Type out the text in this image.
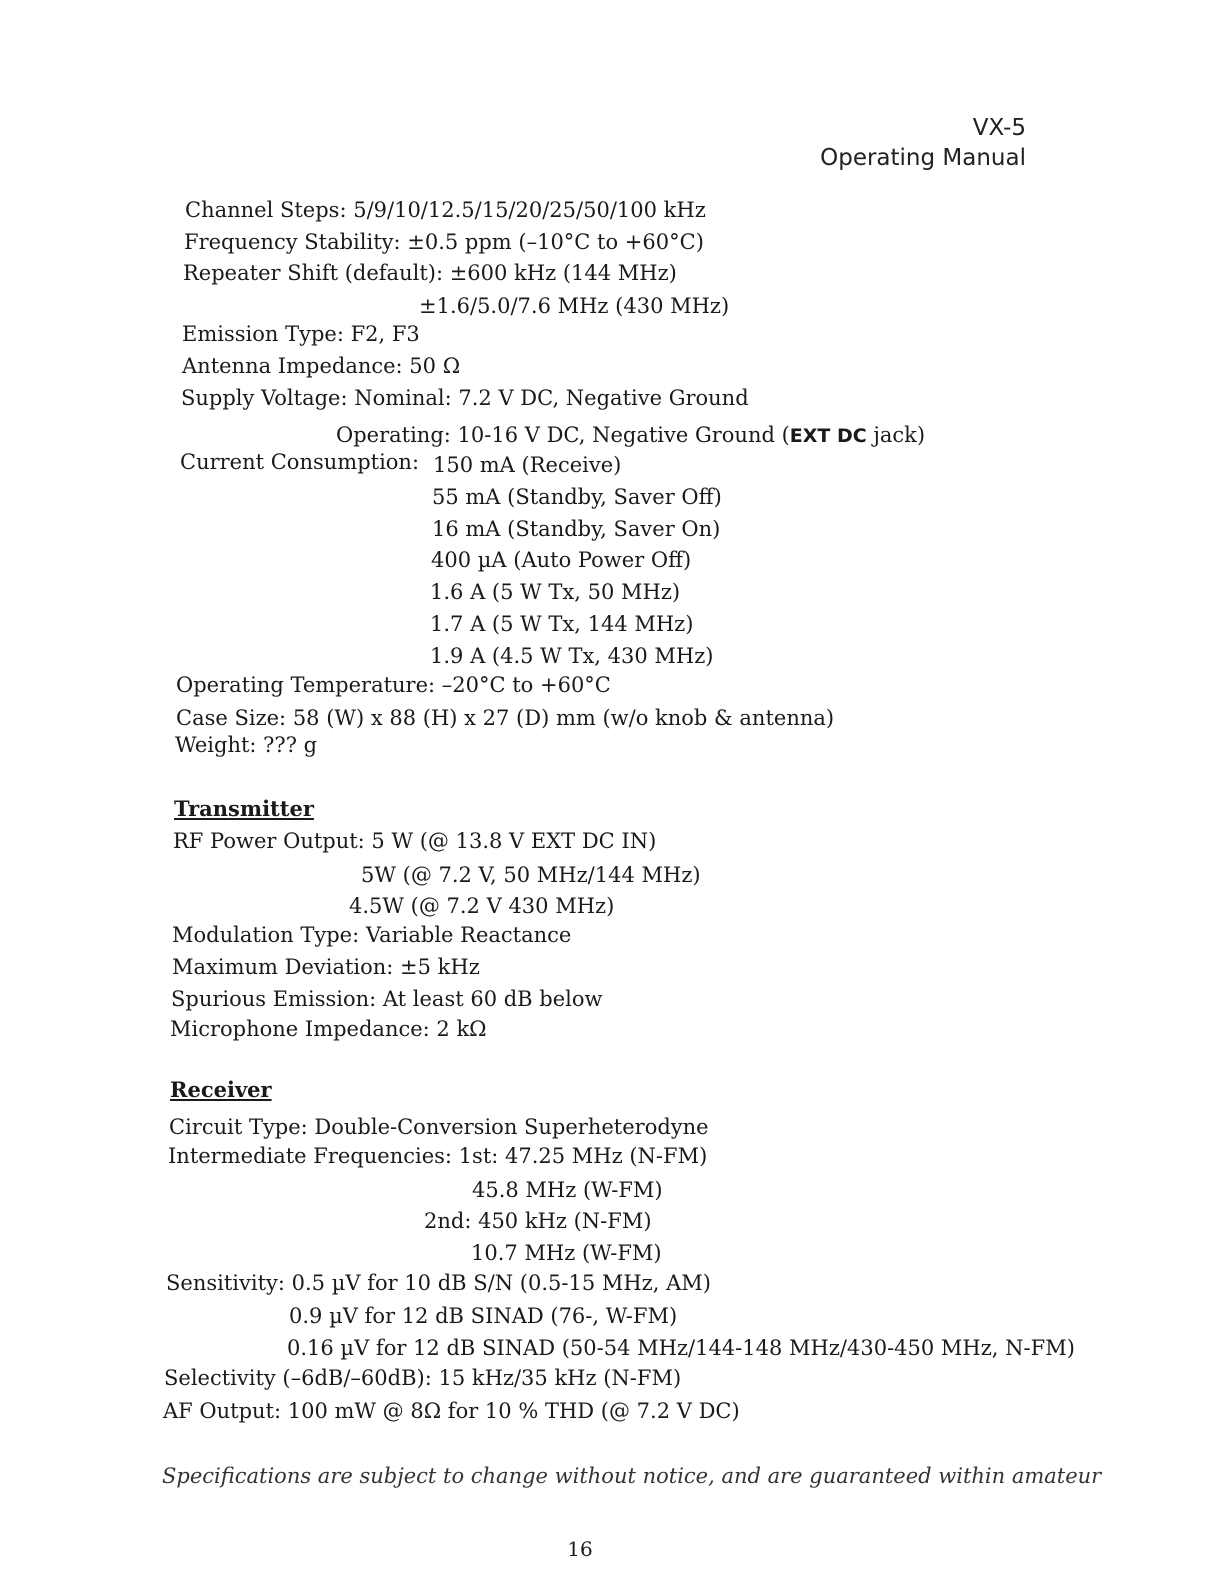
VX-5
Operating Manual
Channel Steps: 5/9/10/12.5/15/20/25/50/100 kHz
Frequency Stability: ±0.5 ppm (–10°C to +60°C)
Repeater Shift (default): ±600 kHz (144 MHz)
±1.6/5.0/7.6 MHz (430 MHz)
Emission Type: F2, F3
Antenna Impedance: 50 Ω
Supply Voltage: Nominal: 7.2 V DC, Negative Ground
Operating: 10-16 V DC, Negative Ground (EXT DC jack)
Current Consumption: 150 mA (Receive)
55 mA (Standby, Saver Off)
16 mA (Standby, Saver On)
400 µA (Auto Power Off)
1.6 A (5 W Tx, 50 MHz)
1.7 A (5 W Tx, 144 MHz)
1.9 A (4.5 W Tx, 430 MHz)
Operating Temperature: –20°C to +60°C
Case Size: 58 (W) x 88 (H) x 27 (D) mm (w/o knob & antenna)
Weight: ??? g
Transmitter
RF Power Output: 5 W (@ 13.8 V EXT DC IN)
5W (@ 7.2 V, 50 MHz/144 MHz)
4.5W (@ 7.2 V 430 MHz)
Modulation Type: Variable Reactance
Maximum Deviation: ±5 kHz
Spurious Emission: At least 60 dB below
Microphone Impedance: 2 kΩ
Receiver
Circuit Type: Double-Conversion Superheterodyne
Intermediate Frequencies: 1st: 47.25 MHz (N-FM)
45.8 MHz (W-FM)
2nd: 450 kHz (N-FM)
10.7 MHz (W-FM)
Sensitivity: 0.5 µV for 10 dB S/N (0.5-15 MHz, AM)
0.9 µV for 12 dB SINAD (76-, W-FM)
0.16 µV for 12 dB SINAD (50-54 MHz/144-148 MHz/430-450 MHz, N-FM)
Selectivity (–6dB/–60dB): 15 kHz/35 kHz (N-FM)
AF Output: 100 mW @ 8Ω for 10 % THD (@ 7.2 V DC)
Specifications are subject to change without notice, and are guaranteed within amateur
16
